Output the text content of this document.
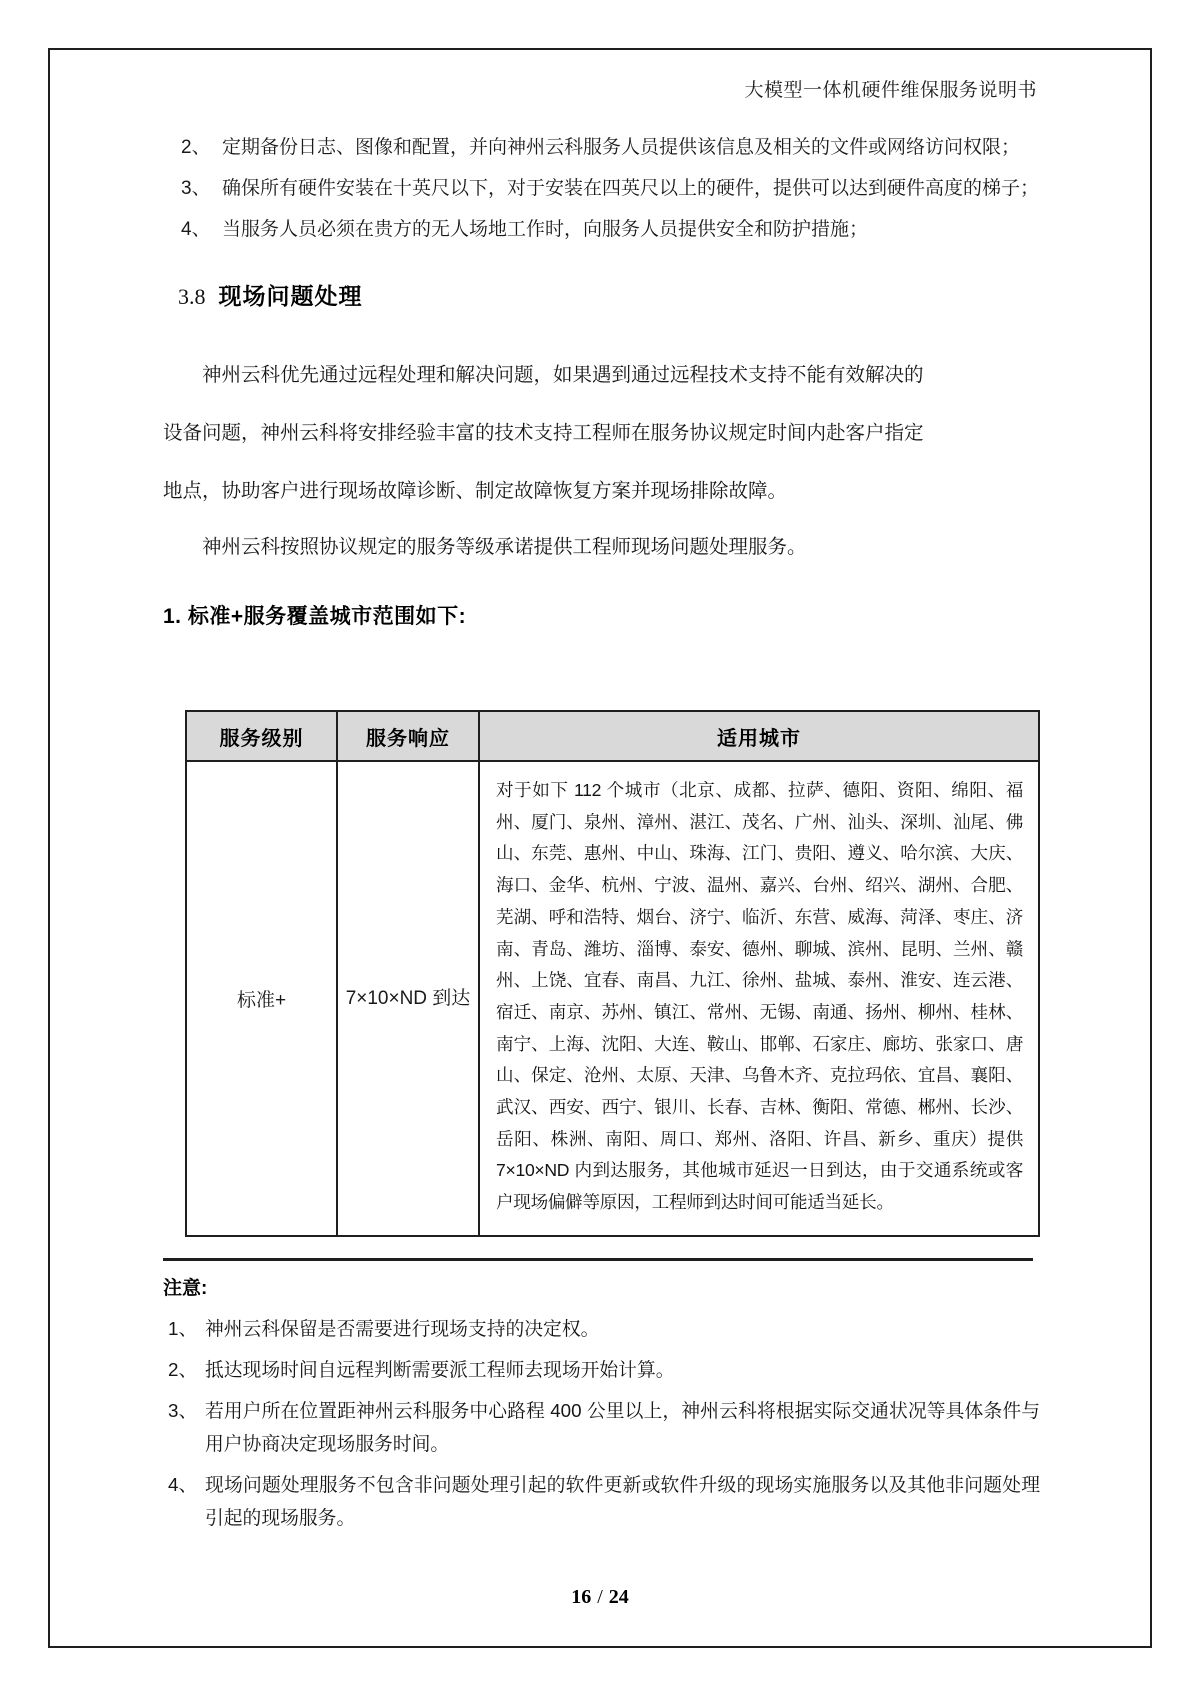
大模型一体机硬件维保服务说明书
2、 定期备份日志、图像和配置，并向神州云科服务人员提供该信息及相关的文件或网络访问权限；
3、 确保所有硬件安装在十英尺以下，对于安装在四英尺以上的硬件，提供可以达到硬件高度的梯子；
4、 当服务人员必须在贵方的无人场地工作时，向服务人员提供安全和防护措施；
3.8 现场问题处理
神州云科优先通过远程处理和解决问题，如果遇到通过远程技术支持不能有效解决的
设备问题，神州云科将安排经验丰富的技术支持工程师在服务协议规定时间内赴客户指定
地点，协助客户进行现场故障诊断、制定故障恢复方案并现场排除故障。
神州云科按照协议规定的服务等级承诺提供工程师现场问题处理服务。
1. 标准+服务覆盖城市范围如下:
服务级别	服务响应	适用城市
标准+	7×10×ND 到达	对于如下 112 个城市（北京、成都、拉萨、德阳、资阳、绵阳、福州、厦门、泉州、漳州、湛江、茂名、广州、汕头、深圳、汕尾、佛山、东莞、惠州、中山、珠海、江门、贵阳、遵义、哈尔滨、大庆、海口、金华、杭州、宁波、温州、嘉兴、台州、绍兴、湖州、合肥、芜湖、呼和浩特、烟台、济宁、临沂、东营、威海、菏泽、枣庄、济南、青岛、潍坊、淄博、泰安、德州、聊城、滨州、昆明、兰州、赣州、上饶、宜春、南昌、九江、徐州、盐城、泰州、淮安、连云港、宿迁、南京、苏州、镇江、常州、无锡、南通、扬州、柳州、桂林、南宁、上海、沈阳、大连、鞍山、邯郸、石家庄、廊坊、张家口、唐山、保定、沧州、太原、天津、乌鲁木齐、克拉玛依、宜昌、襄阳、武汉、西安、西宁、银川、长春、吉林、衡阳、常德、郴州、长沙、岳阳、株洲、南阳、周口、郑州、洛阳、许昌、新乡、重庆）提供 7×10×ND 内到达服务，其他城市延迟一日到达，由于交通系统或客户现场偏僻等原因，工程师到达时间可能适当延长。
注意:
1、 神州云科保留是否需要进行现场支持的决定权。
2、 抵达现场时间自远程判断需要派工程师去现场开始计算。
3、 若用户所在位置距神州云科服务中心路程 400 公里以上，神州云科将根据实际交通状况等具体条件与用户协商决定现场服务时间。
4、 现场问题处理服务不包含非问题处理引起的软件更新或软件升级的现场实施服务以及其他非问题处理引起的现场服务。
16 / 24
